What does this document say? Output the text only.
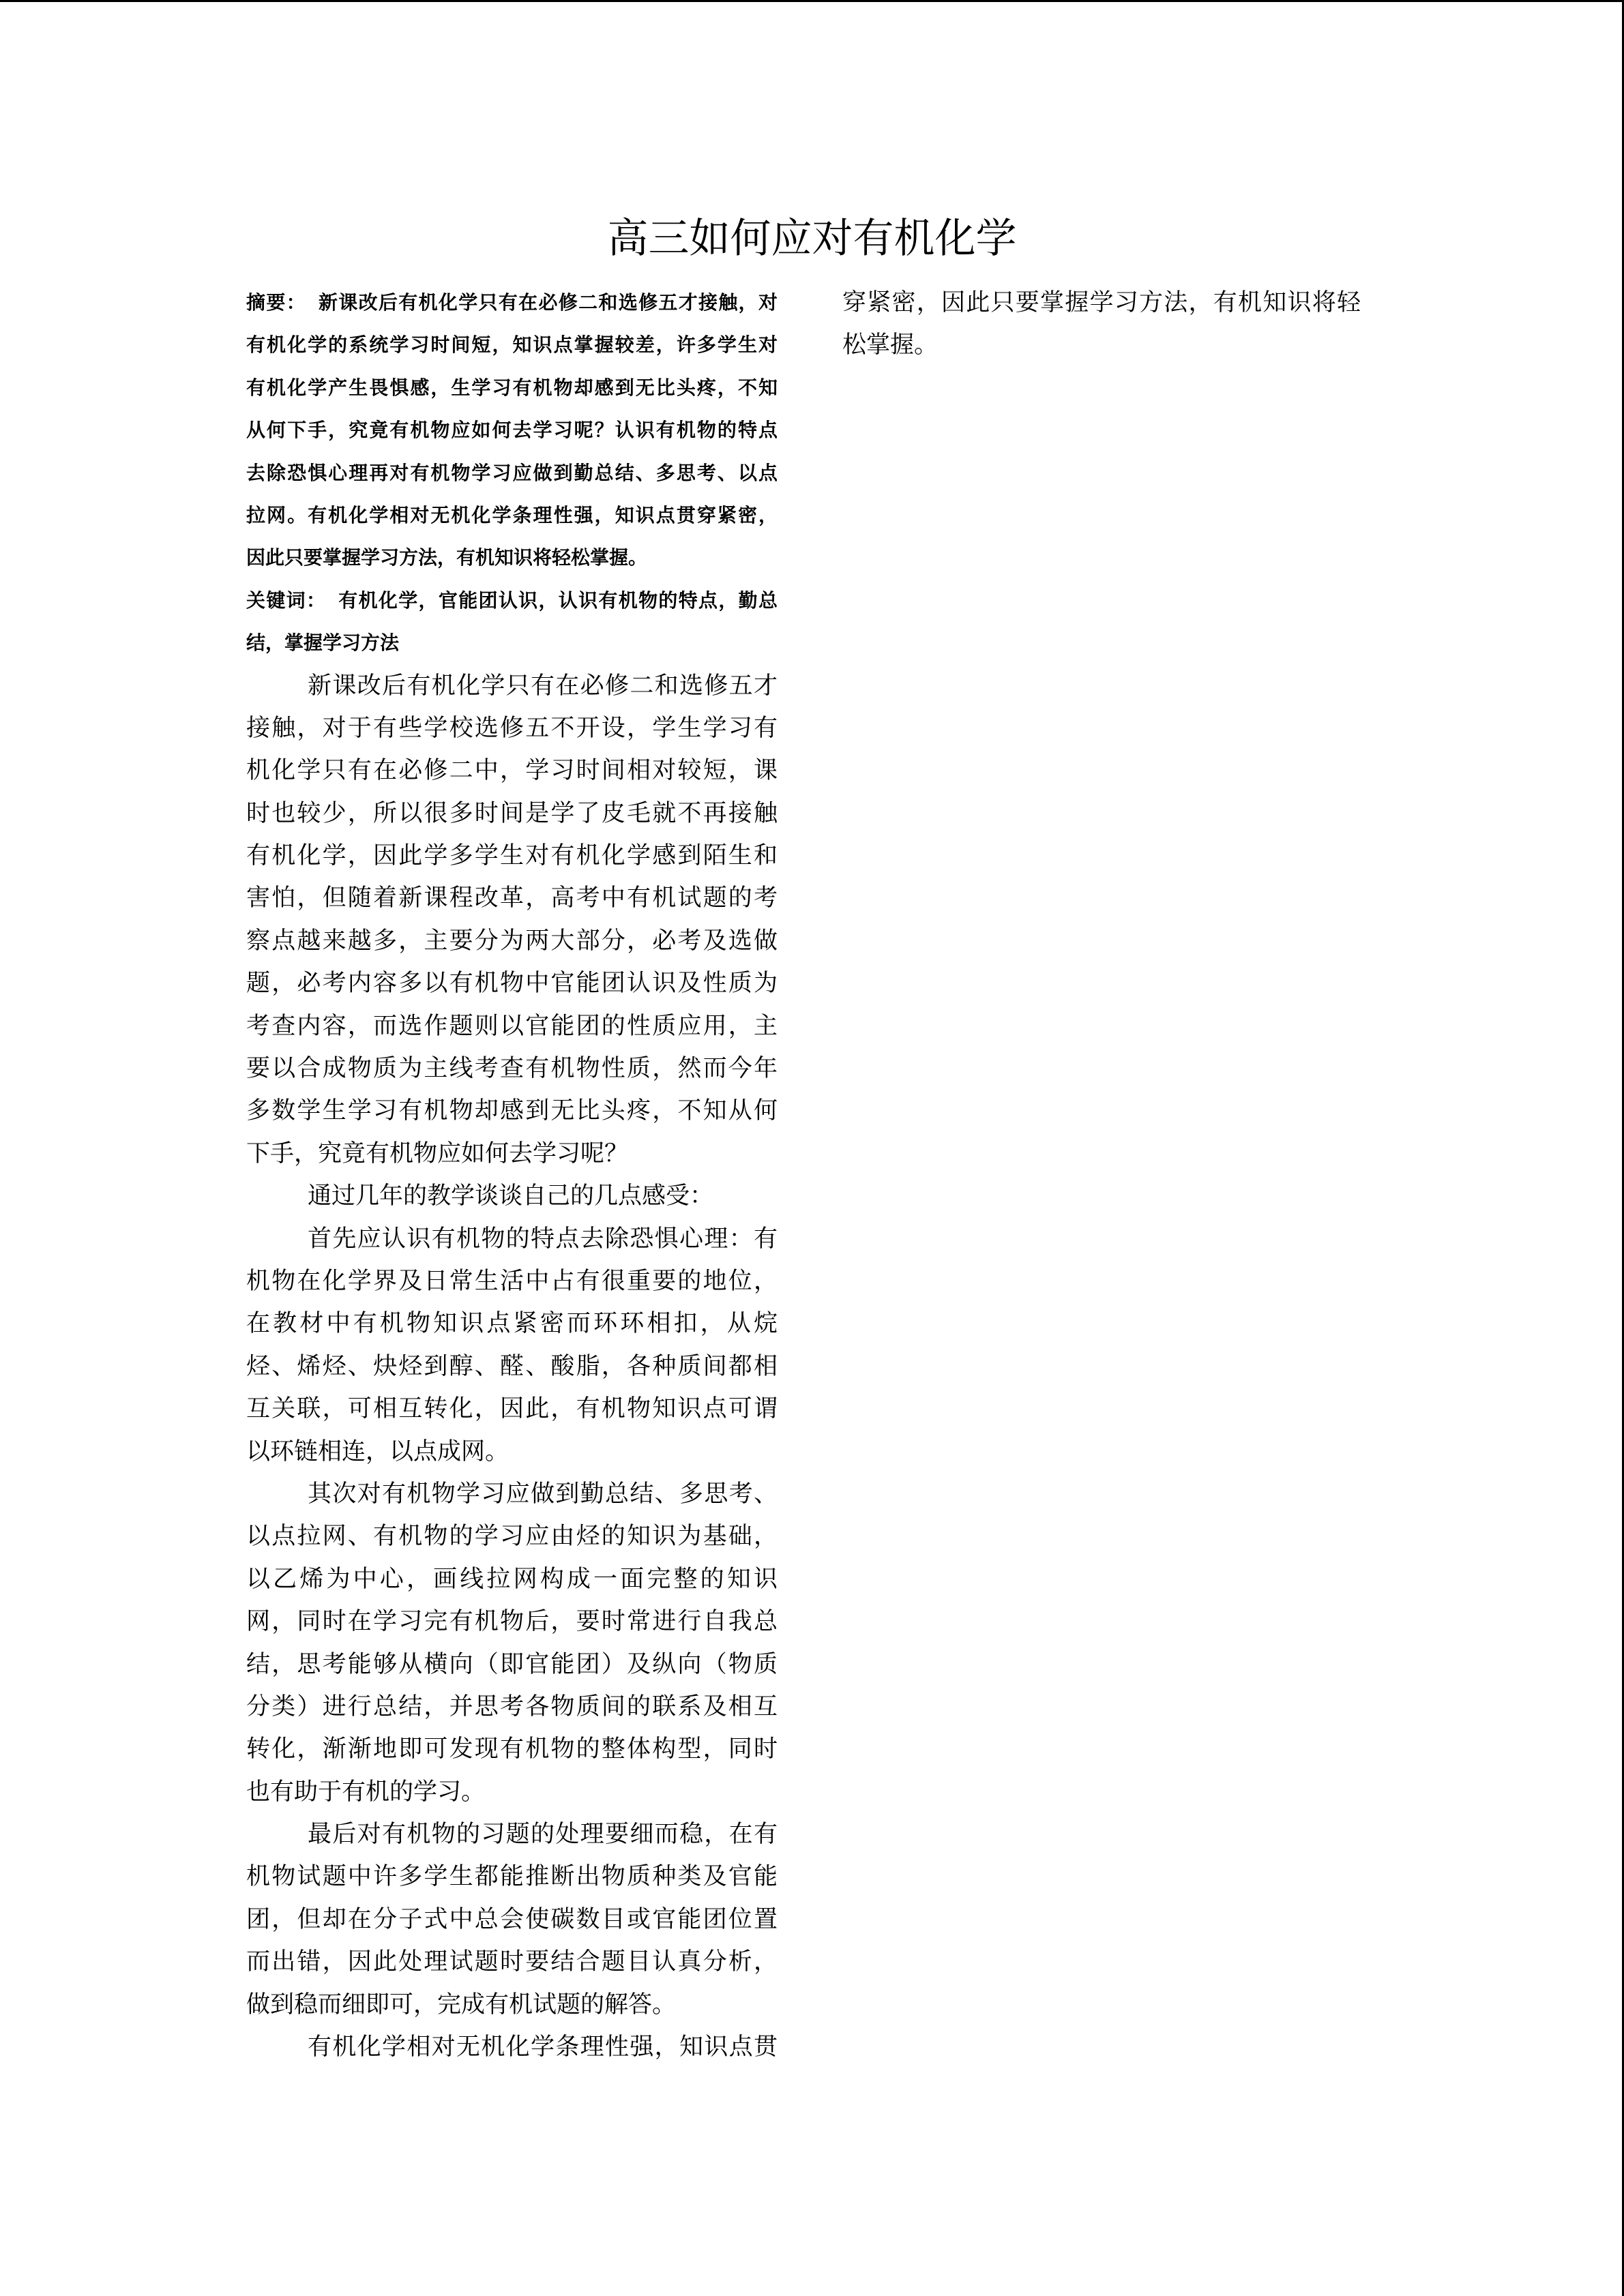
高三如何应对有机化学
摘要： 新课改后有机化学只有在必修二和选修五才接触，对
有机化学的系统学习时间短，知识点掌握较差，许多学生对
有机化学产生畏惧感，生学习有机物却感到无比头疼，不知
从何下手，究竟有机物应如何去学习呢？认识有机物的特点
去除恐惧心理再对有机物学习应做到勤总结、多思考、以点
拉网。有机化学相对无机化学条理性强，知识点贯穿紧密，
因此只要掌握学习方法，有机知识将轻松掌握。
关键词： 有机化学，官能团认识，认识有机物的特点，勤总
结，掌握学习方法
新课改后有机化学只有在必修二和选修五才
接触，对于有些学校选修五不开设，学生学习有
机化学只有在必修二中，学习时间相对较短，课
时也较少，所以很多时间是学了皮毛就不再接触
有机化学，因此学多学生对有机化学感到陌生和
害怕，但随着新课程改革，高考中有机试题的考
察点越来越多，主要分为两大部分，必考及选做
题，必考内容多以有机物中官能团认识及性质为
考查内容，而选作题则以官能团的性质应用，主
要以合成物质为主线考查有机物性质，然而今年
多数学生学习有机物却感到无比头疼，不知从何
下手，究竟有机物应如何去学习呢？
通过几年的教学谈谈自己的几点感受：
首先应认识有机物的特点去除恐惧心理：有
机物在化学界及日常生活中占有很重要的地位，
在教材中有机物知识点紧密而环环相扣，从烷
烃、烯烃、炔烃到醇、醛、酸脂，各种质间都相
互关联，可相互转化，因此，有机物知识点可谓
以环链相连，以点成网。
其次对有机物学习应做到勤总结、多思考、
以点拉网、有机物的学习应由烃的知识为基础，
以乙烯为中心，画线拉网构成一面完整的知识
网，同时在学习完有机物后，要时常进行自我总
结，思考能够从横向（即官能团）及纵向（物质
分类）进行总结，并思考各物质间的联系及相互
转化，渐渐地即可发现有机物的整体构型，同时
也有助于有机的学习。
最后对有机物的习题的处理要细而稳，在有
机物试题中许多学生都能推断出物质种类及官能
团，但却在分子式中总会使碳数目或官能团位置
而出错，因此处理试题时要结合题目认真分析，
做到稳而细即可，完成有机试题的解答。
有机化学相对无机化学条理性强，知识点贯
穿紧密，因此只要掌握学习方法，有机知识将轻
松掌握。
